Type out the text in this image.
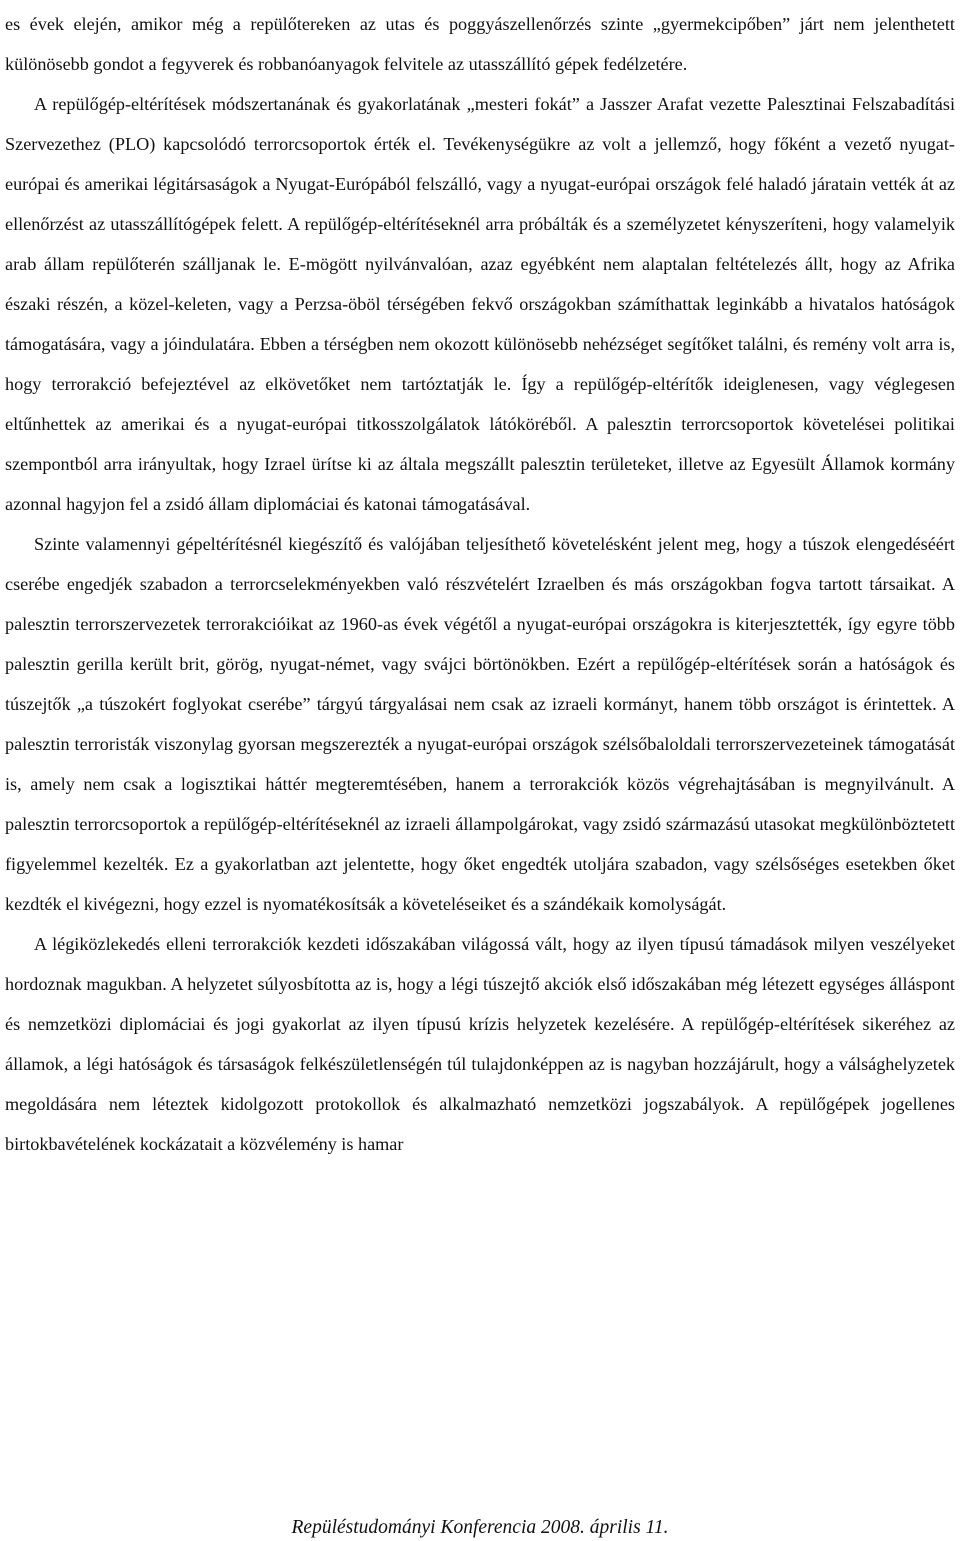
es évek elején, amikor még a repülőtereken az utas és poggyászellenőrzés szinte „gyermekcipőben” járt nem jelenthetett különösebb gondot a fegyverek és robbanóanyagok felvitele az utasszállító gépek fedélzetére.

A repülőgép-eltérítések módszertanának és gyakorlatának „mesteri fokát” a Jasszer Arafat vezette Palesztinai Felszabadítási Szervezethez (PLO) kapcsolódó terrorcsoportok érték el. Tevékenységükre az volt a jellemző, hogy főként a vezető nyugat-európai és amerikai légitársaságok a Nyugat-Európából felszálló, vagy a nyugat-európai országok felé haladó járatain vették át az ellenőrzést az utasszállítógépek felett. A repülőgép-eltérítéseknél arra próbálták és a személyzetet kényszeríteni, hogy valamelyik arab állam repülőterén szálljanak le. E-mögött nyilvánvalóan, azaz egyébként nem alaptalan feltételezés állt, hogy az Afrika északi részén, a közel-keleten, vagy a Perzsa-öböl térségében fekvő országokban számíthattak leginkább a hivatalos hatóságok támogatására, vagy a jóindulatára. Ebben a térségben nem okozott különösebb nehézséget segítőket találni, és remény volt arra is, hogy terrorakció befejeztével az elkövetőket nem tartóztatják le. Így a repülőgép-eltérítők ideiglenesen, vagy véglegesen eltűnhettek az amerikai és a nyugat-európai titkosszolgálatok látóköréből. A palesztin terrorcsoportok követelései politikai szempontból arra irányultak, hogy Izrael ürítse ki az általa megszállt palesztin területeket, illetve az Egyesült Államok kormány azonnal hagyjon fel a zsidó állam diplomáciai és katonai támogatásával.

Szinte valamennyi gépeltérítésnél kiegészítő és valójában teljesíthető követelésként jelent meg, hogy a túszok elengedéséért cserébe engedjék szabadon a terrorcselekményekben való részvételért Izraelben és más országokban fogva tartott társaikat. A palesztin terrorszervezetek terrorakcióikat az 1960-as évek végétől a nyugat-európai országokra is kiterjesztették, így egyre több palesztin gerilla került brit, görög, nyugat-német, vagy svájci börtönökben. Ezért a repülőgép-eltérítések során a hatóságok és túszejtők „a túszokért foglyokat cserébe” tárgyú tárgyalásai nem csak az izraeli kormányt, hanem több országot is érintettek. A palesztin terroristák viszonylag gyorsan megszerezték a nyugat-európai országok szélsőbaloldali terrorszervezeteinek támogatását is, amely nem csak a logisztikai háttér megteremtésében, hanem a terrorakciók közös végrehajtásában is megnyilvánult. A palesztin terrorcsoportok a repülőgép-eltérítéseknél az izraeli állampolgárokat, vagy zsidó származású utasokat megkülönböztetett figyelemmel kezelték. Ez a gyakorlatban azt jelentette, hogy őket engedték utoljára szabadon, vagy szélsőséges esetekben őket kezdték el kivégezni, hogy ezzel is nyomatékosítsák a követeléseiket és a szándékaik komolyságát.

A légiközlekedés elleni terrorakciók kezdeti időszakában világossá vált, hogy az ilyen típusú támadások milyen veszélyeket hordoznak magukban. A helyzetet súlyosbította az is, hogy a légi túszejtő akciók első időszakában még létezett egységes álláspont és nemzetközi diplomáciai és jogi gyakorlat az ilyen típusú krízis helyzetek kezelésére. A repülőgép-eltérítések sikeréhez az államok, a légi hatóságok és társaságok felkészületlenségén túl tulajdonképpen az is nagyban hozzájárult, hogy a válsághelyzetek megoldására nem léteztek kidolgozott protokollok és alkalmazható nemzetközi jogszabályok. A repülőgépek jogellenes birtokbavételének kockázatait a közvélemény is hamar

Repüléstudományi Konferencia 2008. április 11.
